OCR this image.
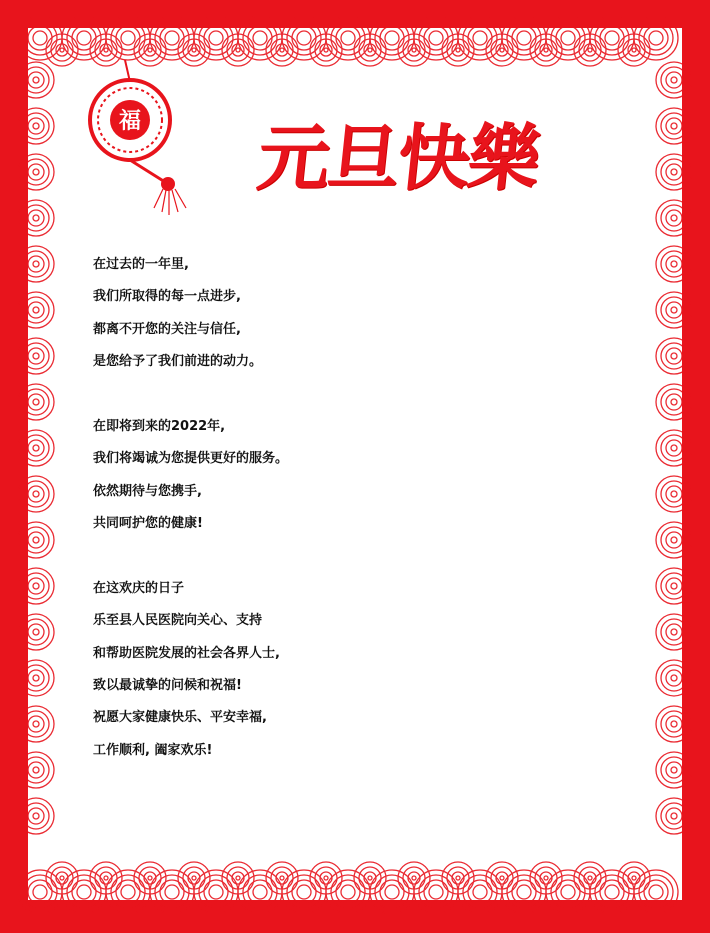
福 元旦快樂
在过去的一年里,
我们所取得的每一点进步,
都离不开您的关注与信任,
是您给予了我们前进的动力。
在即将到来的2022年,
我们将竭诚为您提供更好的服务。
依然期待与您携手,
共同呵护您的健康!
在这欢庆的日子
乐至县人民医院向关心、支持
和帮助医院发展的社会各界人士,
致以最诚挚的问候和祝福!
祝愿大家健康快乐、平安幸福,
工作顺利, 阖家欢乐!
